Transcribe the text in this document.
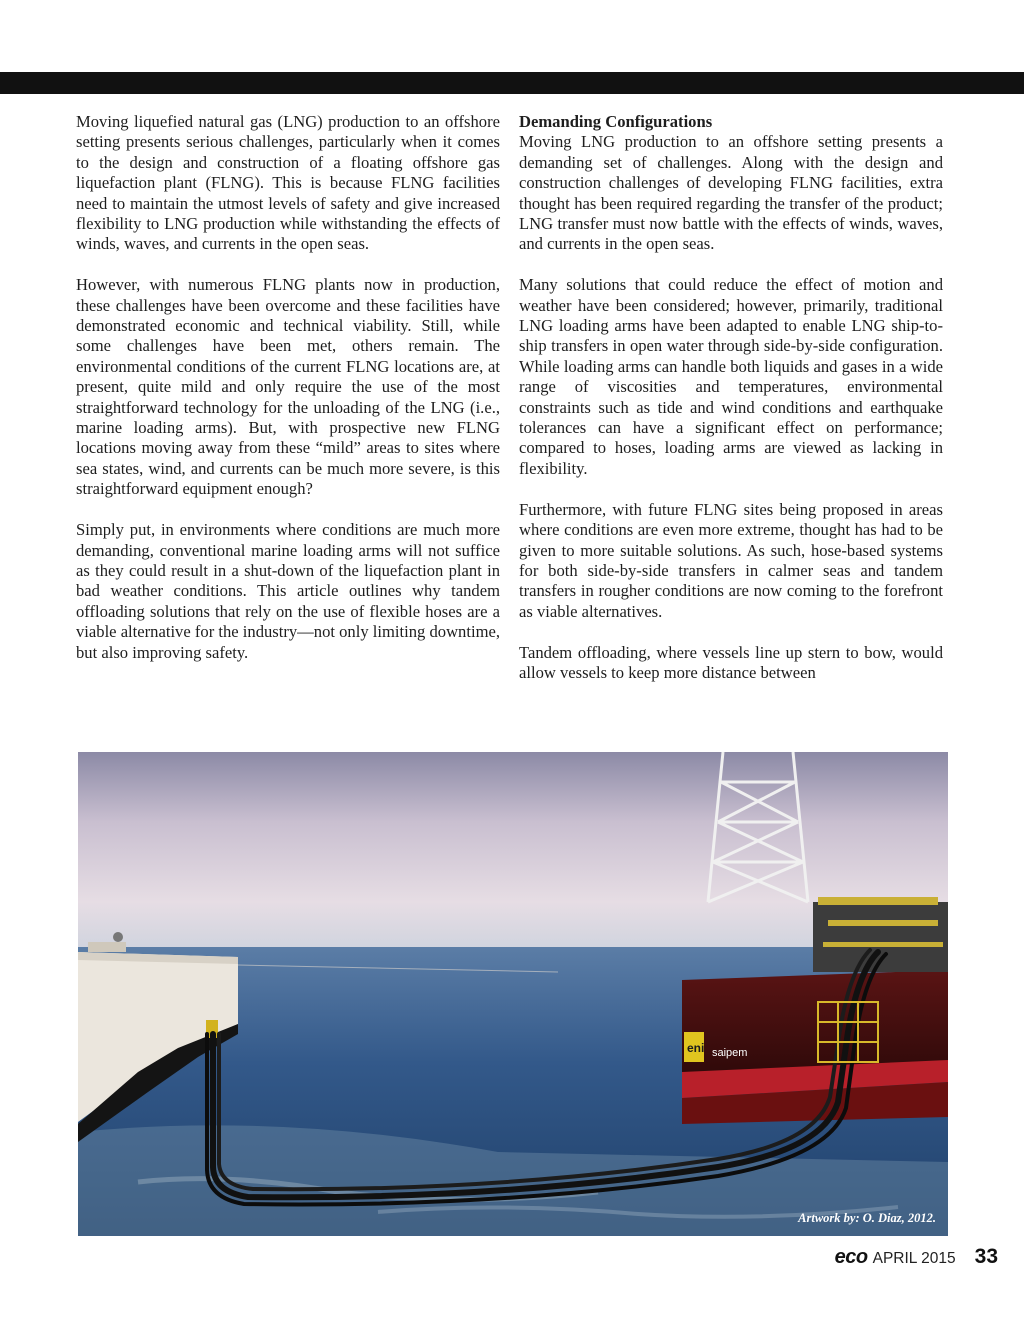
Moving liquefied natural gas (LNG) production to an offshore setting presents serious challenges, particularly when it comes to the design and construction of a floating offshore gas liquefaction plant (FLNG). This is because FLNG facilities need to maintain the utmost levels of safety and give increased flexibility to LNG production while withstanding the effects of winds, waves, and currents in the open seas.

However, with numerous FLNG plants now in production, these challenges have been overcome and these facilities have demonstrated economic and technical viability. Still, while some challenges have been met, others remain. The environmental conditions of the current FLNG locations are, at present, quite mild and only require the use of the most straightforward technology for the unloading of the LNG (i.e., marine loading arms). But, with prospective new FLNG locations moving away from these “mild” areas to sites where sea states, wind, and currents can be much more severe, is this straightforward equipment enough?

Simply put, in environments where conditions are much more demanding, conventional marine loading arms will not suffice as they could result in a shut-down of the liquefaction plant in bad weather conditions. This article outlines why tandem offloading solutions that rely on the use of flexible hoses are a viable alternative for the industry—not only limiting downtime, but also improving safety.

Demanding Configurations

Moving LNG production to an offshore setting presents a demanding set of challenges. Along with the design and construction challenges of developing FLNG facilities, extra thought has been required regarding the transfer of the product; LNG transfer must now battle with the effects of winds, waves, and currents in the open seas.

Many solutions that could reduce the effect of motion and weather have been considered; however, primarily, traditional LNG loading arms have been adapted to enable LNG ship-to-ship transfers in open water through side-by-side configuration. While loading arms can handle both liquids and gases in a wide range of viscosities and temperatures, environmental constraints such as tide and wind conditions and earthquake tolerances can have a significant effect on performance; compared to hoses, loading arms are viewed as lacking in flexibility.

Furthermore, with future FLNG sites being proposed in areas where conditions are even more extreme, thought has had to be given to more suitable solutions. As such, hose-based systems for both side-by-side transfers in calmer seas and tandem transfers in rougher conditions are now coming to the forefront as viable alternatives.

Tandem offloading, where vessels line up stern to bow, would allow vessels to keep more distance between

eni saipem
Artwork by: O. Diaz, 2012.
eco APRIL 2015 33
